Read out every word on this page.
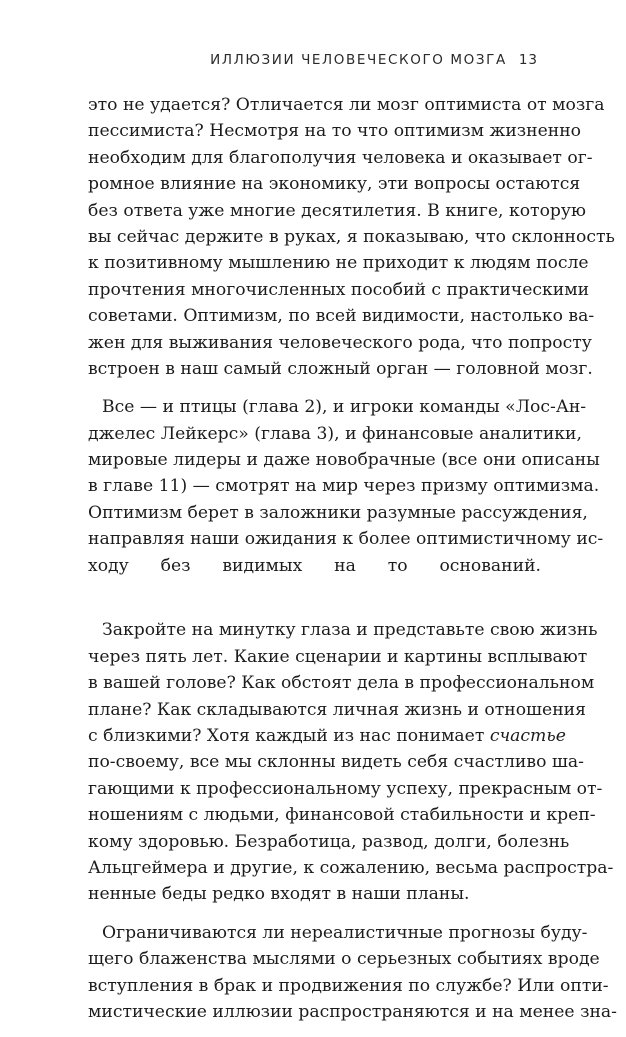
ИЛЛЮЗИИ ЧЕЛОВЕЧЕСКОГО МОЗГА 13
это не удается? Отличается ли мозг оптимиста от мозга
пессимиста? Несмотря на то что оптимизм жизненно
необходим для благополучия человека и оказывает ог-
ромное влияние на экономику, эти вопросы остаются
без ответа уже многие десятилетия. В книге, которую
вы сейчас держите в руках, я показываю, что склонность
к позитивному мышлению не приходит к людям после
прочтения многочисленных пособий с практическими
советами. Оптимизм, по всей видимости, настолько ва-
жен для выживания человеческого рода, что попросту
встроен в наш самый сложный орган — головной мозг.
Все — и птицы (глава 2), и игроки команды «Лос-Ан-
джелес Лейкерс» (глава 3), и финансовые аналитики,
мировые лидеры и даже новобрачные (все они описаны
в главе 11) — смотрят на мир через призму оптимизма.
Оптимизм берет в заложники разумные рассуждения,
направляя наши ожидания к более оптимистичному ис-
ходу без видимых на то оснований.
Закройте на минутку глаза и представьте свою жизнь
через пять лет. Какие сценарии и картины всплывают
в вашей голове? Как обстоят дела в профессиональном
плане? Как складываются личная жизнь и отношения
с близкими? Хотя каждый из нас понимает счастье
по-своему, все мы склонны видеть себя счастливо ша-
гающими к профессиональному успеху, прекрасным от-
ношениям с людьми, финансовой стабильности и креп-
кому здоровью. Безработица, развод, долги, болезнь
Альцгеймера и другие, к сожалению, весьма распростра-
ненные беды редко входят в наши планы.
Ограничиваются ли нереалистичные прогнозы буду-
щего блаженства мыслями о серьезных событиях вроде
вступления в брак и продвижения по службе? Или опти-
мистические иллюзии распространяются и на менее зна-
